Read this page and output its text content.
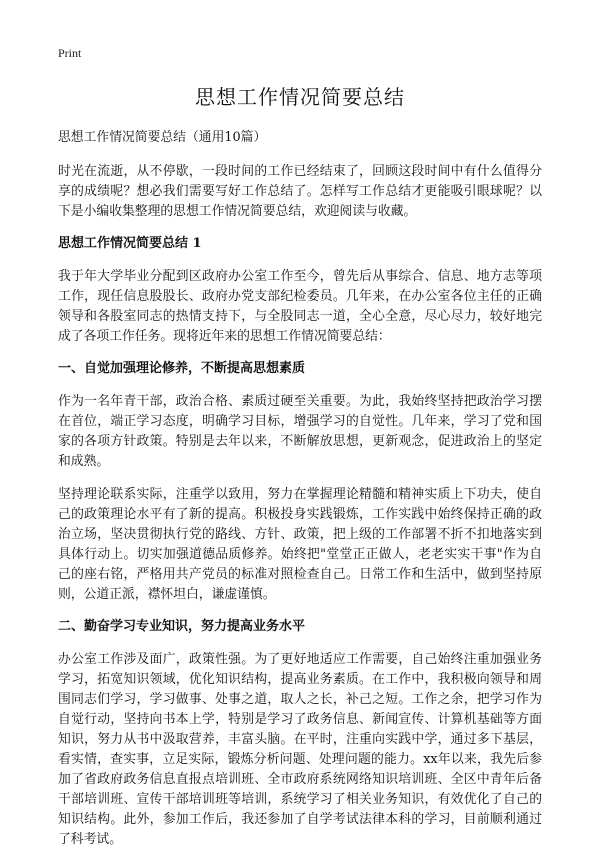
Print
思想工作情况简要总结

思想工作情况简要总结（通用10篇）

时光在流逝，从不停歇，一段时间的工作已经结束了，回顾这段时间中有什么值得分享的成绩呢？想必我们需要写好工作总结了。怎样写工作总结才更能吸引眼球呢？以下是小编收集整理的思想工作情况简要总结，欢迎阅读与收藏。

思想工作情况简要总结 1

我于年大学毕业分配到区政府办公室工作至今，曾先后从事综合、信息、地方志等项工作，现任信息股股长、政府办党支部纪检委员。几年来，在办公室各位主任的正确领导和各股室同志的热情支持下，与全股同志一道，全心全意，尽心尽力，较好地完成了各项工作任务。现将近年来的思想工作情况简要总结：

一、自觉加强理论修养，不断提高思想素质

作为一名年青干部，政治合格、素质过硬至关重要。为此，我始终坚持把政治学习摆在首位，端正学习态度，明确学习目标，增强学习的自觉性。几年来，学习了党和国家的各项方针政策。特别是去年以来，不断解放思想，更新观念，促进政治上的坚定和成熟。

坚持理论联系实际，注重学以致用，努力在掌握理论精髓和精神实质上下功夫，使自己的政策理论水平有了新的提高。积极投身实践锻炼，工作实践中始终保持正确的政治立场，坚决贯彻执行党的路线、方针、政策，把上级的工作部署不折不扣地落实到具体行动上。切实加强道德品质修养。始终把"堂堂正正做人，老老实实干事"作为自己的座右铭，严格用共产党员的标准对照检查自己。日常工作和生活中，做到坚持原则，公道正派，襟怀坦白，谦虚谨慎。

二、勤奋学习专业知识，努力提高业务水平

办公室工作涉及面广，政策性强。为了更好地适应工作需要，自己始终注重加强业务学习，拓宽知识领域，优化知识结构，提高业务素质。在工作中，我积极向领导和周围同志们学习，学习做事、处事之道，取人之长，补己之短。工作之余，把学习作为自觉行动，坚持向书本上学，特别是学习了政务信息、新闻宣传、计算机基础等方面知识，努力从书中汲取营养，丰富头脑。在平时，注重向实践中学，通过多下基层，看实情，查实事，立足实际，锻炼分析问题、处理问题的能力。xx年以来，我先后参加了省政府政务信息直报点培训班、全市政府系统网络知识培训班、全区中青年后备干部培训班、宣传干部培训班等培训，系统学习了相关业务知识，有效优化了自己的知识结构。此外，参加工作后，我还参加了自学考试法律本科的学习，目前顺利通过了科考试。
